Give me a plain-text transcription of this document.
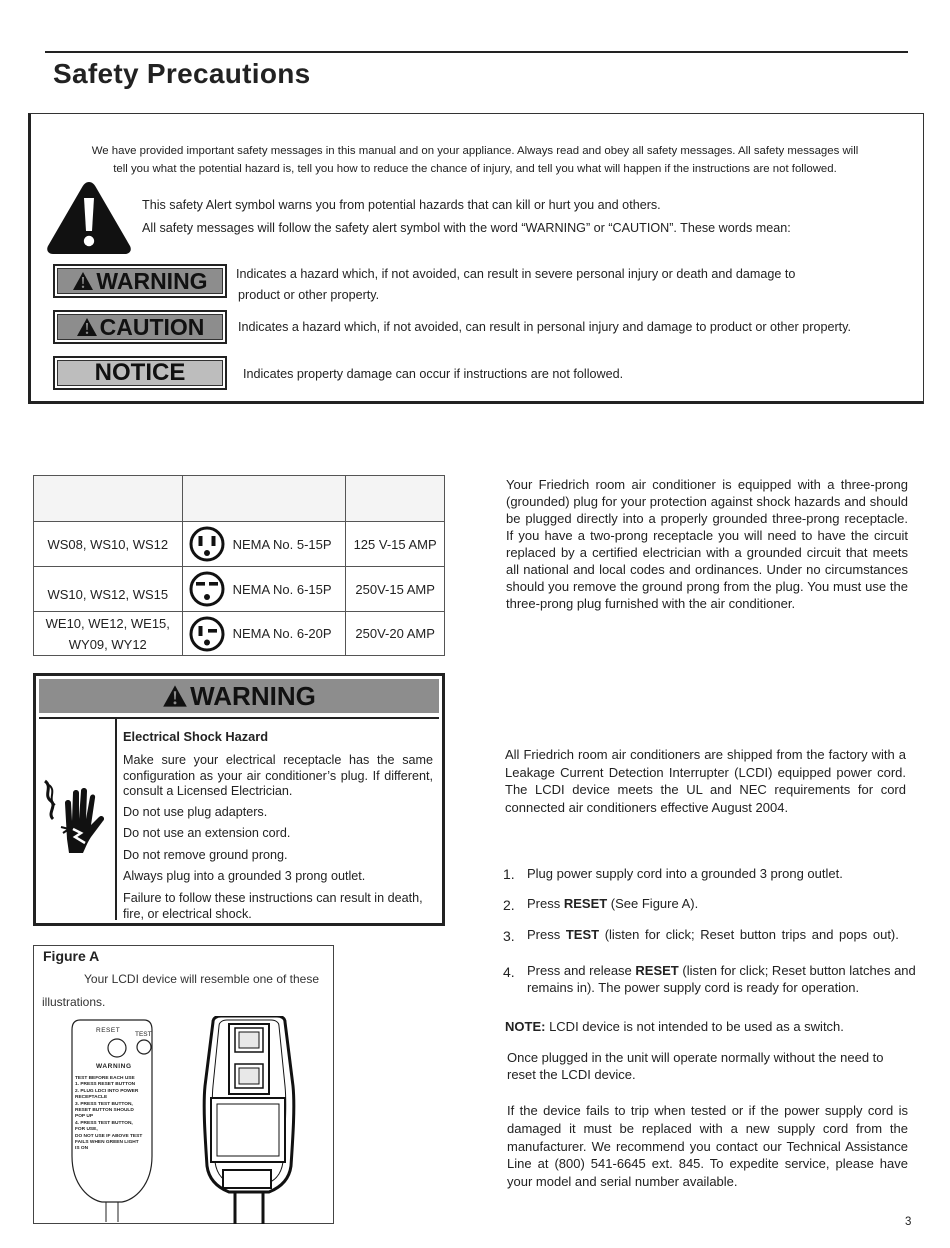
Safety Precautions
We have provided important safety messages in this manual and on your appliance. Always read and obey all safety messages. All safety messages will
tell you what the potential hazard is, tell you how to reduce the chance of injury, and tell you what will happen if the instructions are not followed.
This safety Alert symbol warns you from potential hazards that can kill or hurt you and others.
All safety messages will follow the safety alert symbol with the word “WARNING” or “CAUTION”. These words mean:
WARNING Indicates a hazard which, if not avoided, can result in severe personal injury or death and damage to
product or other property.
CAUTION	Indicates a hazard which, if not avoided, can result in personal injury and damage to product or other property.
NOTICE	Indicates property damage can occur if instructions are not followed.

WS08, WS10, WS12	NEMA No. 5-15P	125 V-15 AMP
WS10, WS12, WS15	NEMA No. 6-15P	250V-15 AMP

WE10, WE12, WE15,
WY09, WY12	NEMA No. 6-20P	250V-20 AMP
Your Friedrich room air conditioner is equipped with a three-prong (grounded) plug for your protection against shock hazards and should be plugged directly into a properly grounded three-prong receptacle. If you have a two-prong receptacle you will need to have the circuit replaced by a certified electrician with a grounded circuit that meets all national and local codes and ordinances. Under no circumstances should you remove the ground prong from the plug. You must use the three-prong plug furnished with the air conditioner.
WARNING
Electrical Shock Hazard
Make sure your electrical receptacle has the same configuration as your air conditioner’s plug. If different, consult a Licensed Electrician.
Do not use plug adapters.
Do not use an extension cord.
Do not remove ground prong.
Always plug into a grounded 3 prong outlet.
Failure to follow these instructions can result in death, fire, or electrical shock.
Figure A
Your LCDI device will resemble one of these
illustrations.
RESET
TEST
WARNING
TEST BEFORE EACH USE
1. PRESS RESET BUTTON
2. PLUG LDCI INTO POWER
RECEPTACLE
3. PRESS TEST BUTTON,
RESET BUTTON SHOULD
POP UP
4. PRESS TEST BUTTON,
FOR USE,
DO NOT USE IF ABOVE TEST
FAILS WHEN GREEN LIGHT
IS ON
All Friedrich room air conditioners are shipped from the factory with a Leakage Current Detection Interrupter (LCDI) equipped power cord. The LCDI device meets the UL and NEC requirements for cord connected air conditioners effective August 2004.
1. Plug power supply cord into a grounded 3 prong outlet.
2. Press RESET (See Figure A).
3. Press TEST (listen for click; Reset button trips and pops out).
4. Press and release RESET (listen for click; Reset button latches and remains in). The power supply cord is ready for operation.
NOTE: LCDI device is not intended to be used as a switch.
Once plugged in the unit will operate normally without the need to reset the LCDI device.
If the device fails to trip when tested or if the power supply cord is damaged it must be replaced with a new supply cord from the manufacturer. We recommend you contact our Technical Assistance Line at (800) 541-6645 ext. 845. To expedite service, please have your model and serial number available.
3
